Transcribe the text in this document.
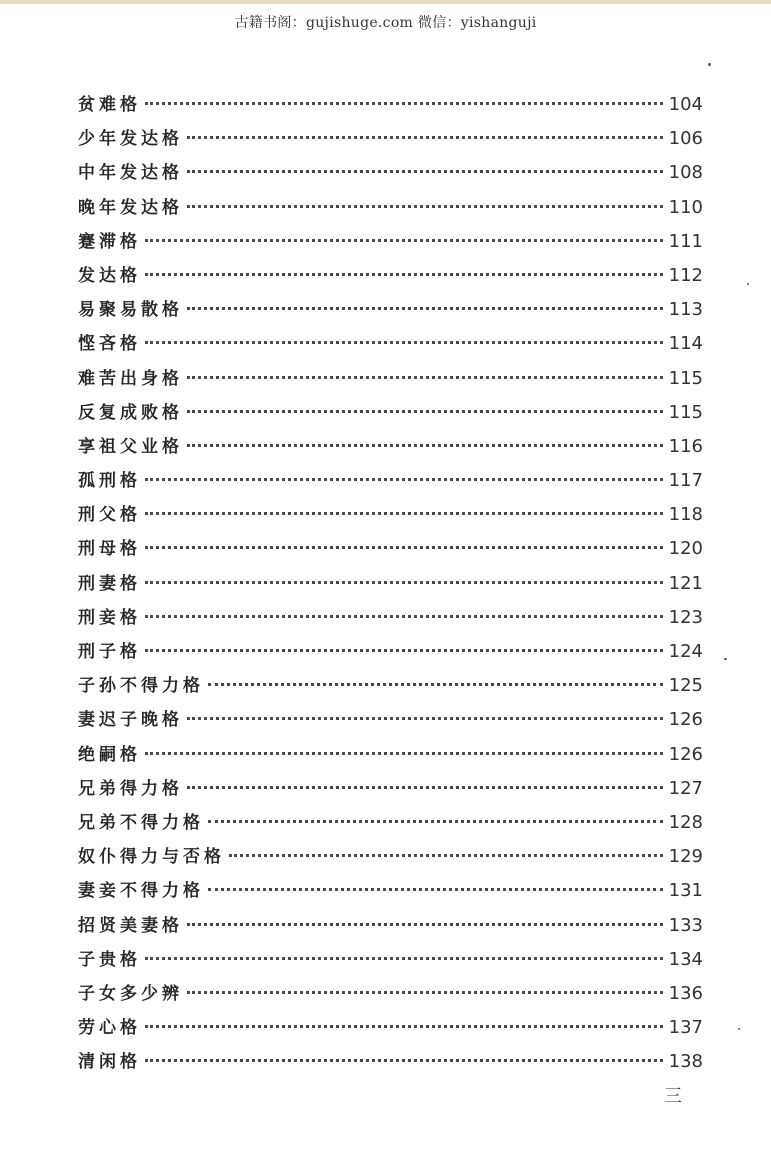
古籍书阁：gujishuge.com 微信：yishanguji
贫难格	104
少年发达格	106
中年发达格	108
晚年发达格	110
蹇滞格	111
发达格	112
易聚易散格	113
悭吝格	114
难苦出身格	115
反复成败格	115
享祖父业格	116
孤刑格	117
刑父格	118
刑母格	120
刑妻格	121
刑妾格	123
刑子格	124
子孙不得力格	125
妻迟子晚格	126
绝嗣格	126
兄弟得力格	127
兄弟不得力格	128
奴仆得力与否格	129
妻妾不得力格	131
招贤美妻格	133
子贵格	134
子女多少辨	136
劳心格	137
清闲格	138
三
